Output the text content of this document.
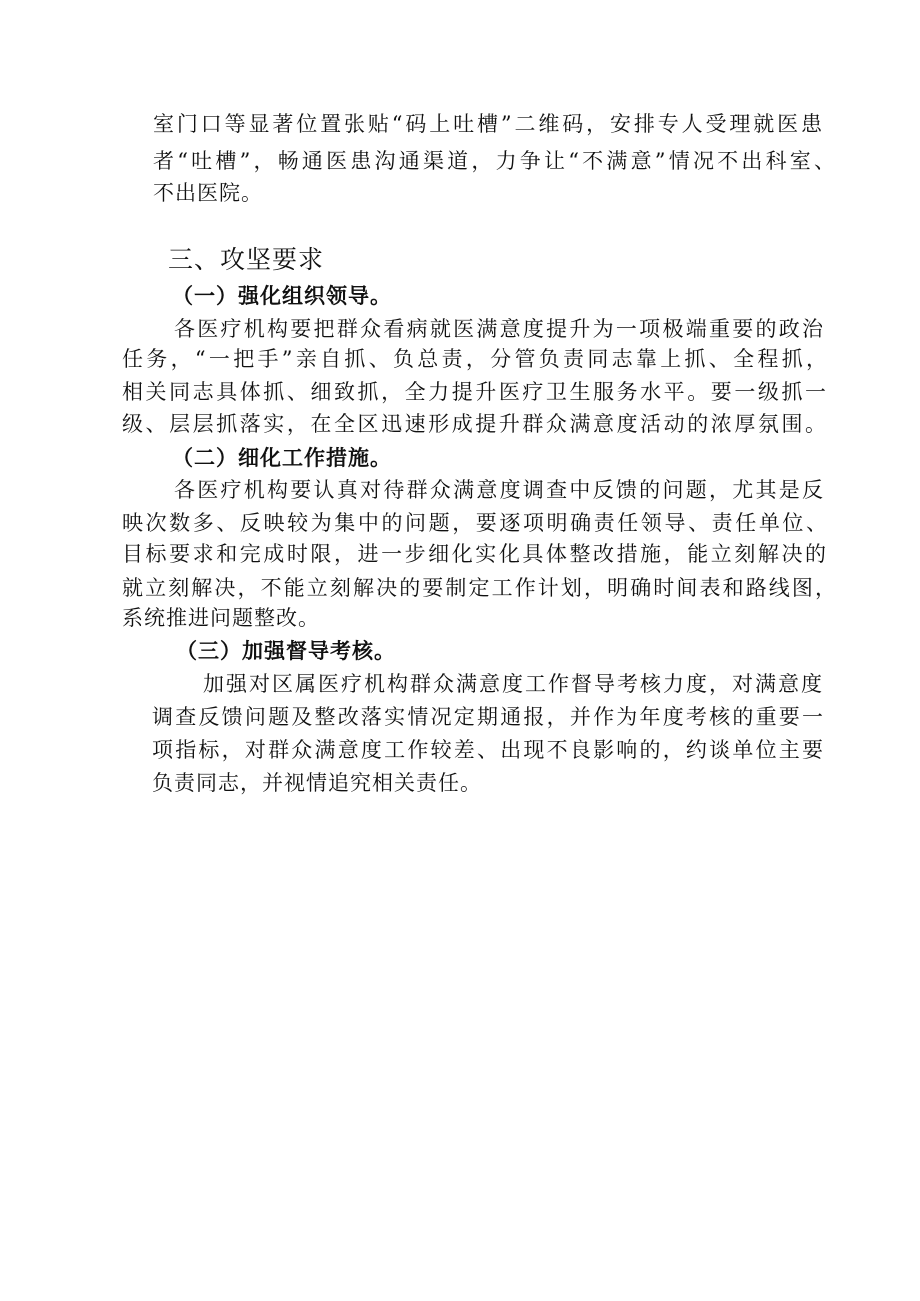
室门口等显著位置张贴“码上吐槽”二维码，安排专人受理就医患
者“吐槽”，畅通医患沟通渠道，力争让“不满意”情况不出科室、
不出医院。
三、攻坚要求
（一）强化组织领导。
各医疗机构要把群众看病就医满意度提升为一项极端重要的政治
任务，“一把手”亲自抓、负总责，分管负责同志靠上抓、全程抓，
相关同志具体抓、细致抓，全力提升医疗卫生服务水平。要一级抓一
级、层层抓落实，在全区迅速形成提升群众满意度活动的浓厚氛围。
（二）细化工作措施。
各医疗机构要认真对待群众满意度调查中反馈的问题，尤其是反
映次数多、反映较为集中的问题，要逐项明确责任领导、责任单位、
目标要求和完成时限，进一步细化实化具体整改措施，能立刻解决的
就立刻解决，不能立刻解决的要制定工作计划，明确时间表和路线图，
系统推进问题整改。
（三）加强督导考核。
加强对区属医疗机构群众满意度工作督导考核力度，对满意度
调查反馈问题及整改落实情况定期通报，并作为年度考核的重要一
项指标，对群众满意度工作较差、出现不良影响的，约谈单位主要
负责同志，并视情追究相关责任。
